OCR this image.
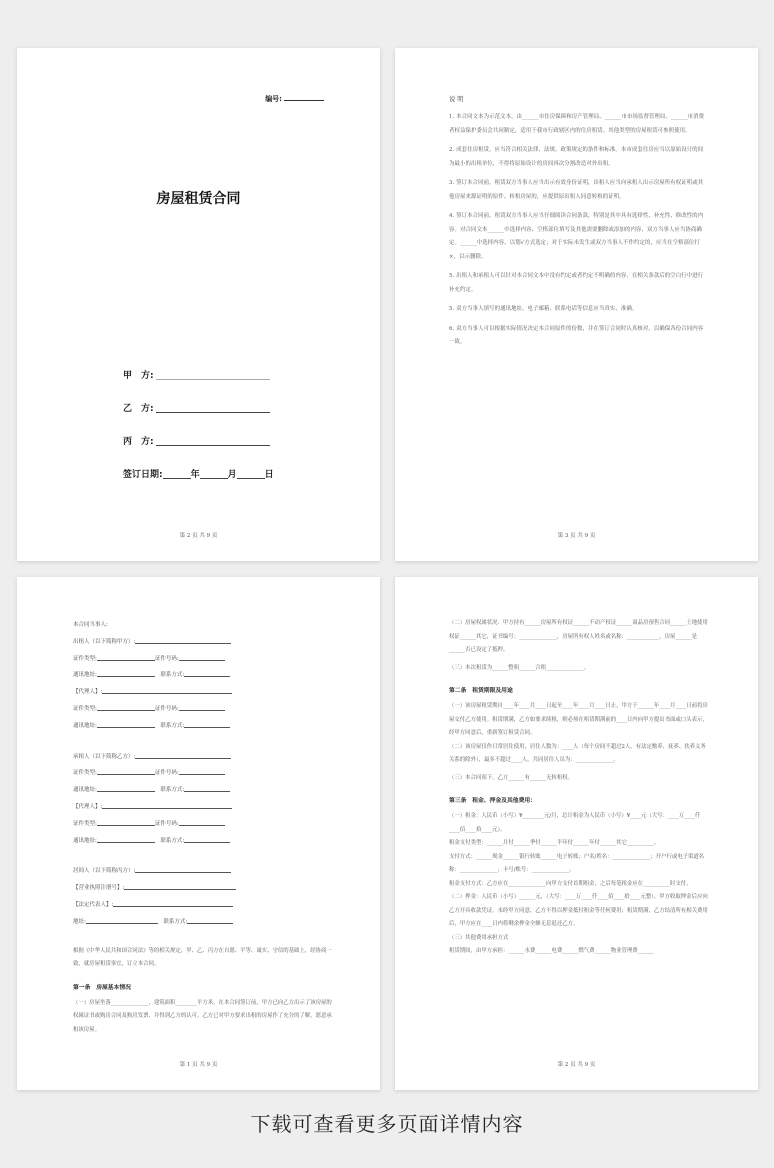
编号:
房屋租赁合同
甲　方:
乙　方:
丙　方:
签订日期:	年	月	日
第 2 页 共 9 页
说 明

1. 本合同文本为示范文本，由______市住房保障和房产管理局、______市市场监督管理局、______市消费者权益保护委员会共同制定，适用于我市行政辖区内的住房租赁。其他类型的房屋租赁可参照使用。

2. 成套住房租赁，应当符合相关法律、法规、政策规定的条件和标准。本市成套住房应当以原始设计的间为最小的出租单位，不得将原始设计的房间再次分割改造对外出租。

3. 签订本合同前，租赁双方当事人应当出示有效身份证明，出租人应当向承租人出示房屋所有权证明或其他房屋来源证明的原件、转租房屋的，应提供原出租人同意转租的证明。

4. 签订本合同前，租赁双方当事人应当仔细阅读合同条款，特别是其中具有选择性、补充性、修改性的内容。对合同文本______中选择内容、空格部位填写及其他需要删除或添加的内容，双方当事人应当协商确定。______中选择内容，以划√方式选定；对于实际未发生或双方当事人不作约定的，应当在空格部位打×，以示删除。

5. 出租人和承租人可以针对本合同文本中没有约定或者约定不明确的内容，在相关条款后的空白行中进行补充约定。

5. 双方当事人填写的通讯地址、电子邮箱、联系电话等信息应当真实、准确。

6. 双方当事人可以根据实际情况决定本合同原件的份数，并在签订合同时认真核对，以确保各份合同内容一致。

第 3 页 共 9 页
本合同当事人:
出租人（以下简称甲方）:
证件类型:	证件号码:
通讯地址:　	联系方式:
【代理人】:
证件类型:	证件号码:
通讯地址:　	联系方式:
承租人（以下简称乙方）:
证件类型:	证件号码:
通讯地址:　	联系方式:
【代理人】:
证件类型:	证件号码:
通讯地址:　	联系方式:
居间人（以下简称丙方）:
【营业执照注册号】:
【法定代表人】:
地址:　	联系方式:

根据《中华人民共和国合同法》等的相关规定，甲、乙、丙方在自愿、平等、诚实、守信的基础上，经协商一致，就房屋租赁事宜，订立本合同。

第一条　房屋基本情况

（一）房屋坐落______________，建筑面积________平方米。在本合同签订前，甲方已向乙方出示了该房屋的权属证书或购房合同及购房发票，并得到乙方的认可。乙方已对甲方要求出租的房屋作了充分的了解，愿意承租该房屋。

第 1 页 共 9 页

（二）房屋权属状况：甲方持有______房屋所有权证______不动产权证______商品房预售合同______土地使用权证______其它，证书编号：______________，房屋所有权人姓名或名称：____________，房屋______是______否已设定了抵押。

（三）本次租赁为______整租______合租______________。

第二条　租赁期限及用途

（一）该房屋租赁期自____年____月____日起至____年____月____日止，甲方于______年____月____日前将房屋交付乙方使用。租赁期满，乙方如要求续租，则必须在租赁期满前的____日内向甲方提出书面或口头表示，经甲方同意后，重新签订租赁合同。

（二）该房屋仅作日常居住使用，居住人数为：____人（每个房间不超过2人，有法定赡养、抚养、扶养义务关系的除外），最多不超过____人，共同居住人员为：______________。

（三）本合同项下，乙方______有______无转租权。

第三条　租金、押金及其他费用：

（一）租金：人民币（小写）¥________元/月，总计租金为人民币（小写）¥____元（大写：____万____仟____佰____拾____元）。

租金支付类型：______月付______季付______半年付______年付______其它__________。

支付方式：______现金______银行转账______电子转账；户名/姓名：______________；开户行或电子渠道名称：______________；卡号/账号：______________。

租金支付方式：乙方应在______________向甲方支付首期租金，之后每笔租金应在__________时支付。

（二）押金：人民币（小写）______元，（大写：____万____仟____佰____拾____元整），甲方收取押金后应向乙方开具收款凭证。未经甲方同意，乙方不得以押金抵付租金等任何费用；租赁期满，乙方结清所有相关费用后，甲方应在____日内将剩余押金全额无息退还乙方。

（三）其他费用承担方式

租赁期间，由甲方承担：______水费______电费______燃气费______物业管理费______

第 2 页 共 9 页
下载可查看更多页面详情内容
